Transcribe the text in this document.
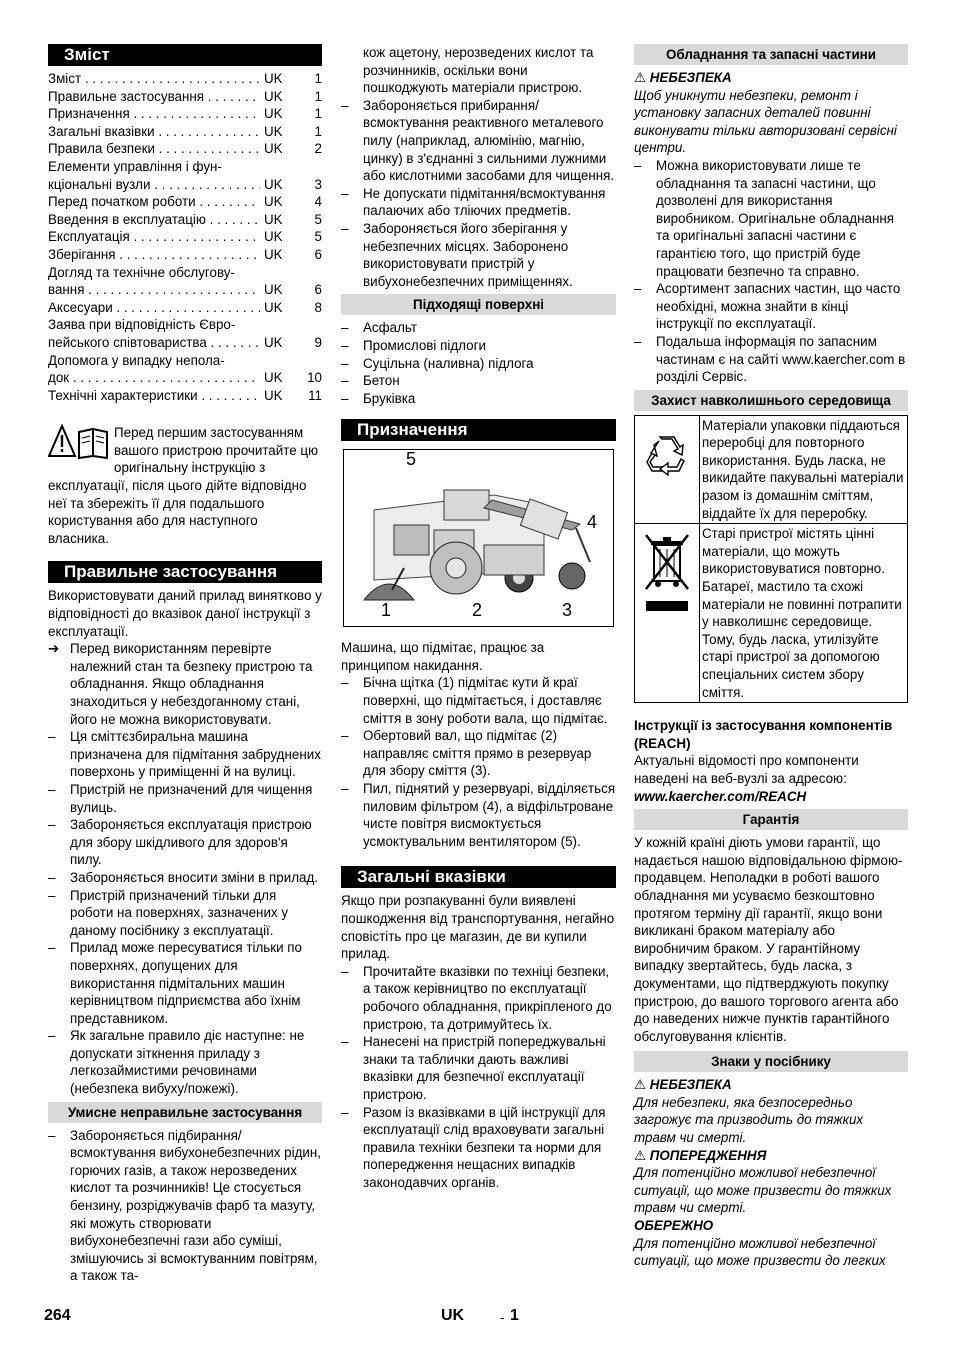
Зміст
Зміст . . .	UK	1
Правильне застосування . . .	UK	1
Призначення . . .	UK	1
Загальні вказівки . . .	UK	1
Правила безпеки . . .	UK	2
Елементи управління і фун-
кціональні вузли . . .	UK	3
Перед початком роботи . . .	UK	4
Введення в експлуатацію . . .	UK	5
Експлуатація . . .	UK	5
Зберігання . . .	UK	6
Догляд та технічне обслугову-
вання . . .	UK	6
Аксесуари . . .	UK	8
Заява при відповідність Євро-
пейського співтовариства . . .	UK	9
Допомога у випадку непола-
док . . .	UK	10
Технічні характеристики . . .	UK	11

Перед першим застосуванням вашого пристрою прочитайте цю оригінальну інструкцію з експлуатації, після цього дійте відповідно неї та збережіть її для подальшого користування або для наступного власника.

Правильне застосування

Використовувати даний прилад винятково у відповідності до вказівок даної інструкції з експлуатації.

➔ Перед використанням перевірте належний стан та безпеку пристрою та обладнання. Якщо обладнання знаходиться у небездоганному стані, його не можна використовувати.
–	Ця сміттєзбиральна машина призначена для підмітання забруднених поверхонь у приміщенні й на вулиці.
–	Пристрій не призначений для чищення вулиць.
–	Забороняється експлуатація пристрою для збору шкідливого для здоров'я пилу.
–	Забороняється вносити зміни в прилад.
–	Пристрій призначений тільки для роботи на поверхнях, зазначених у даному посібнику з експлуатації.
–	Прилад може пересуватися тільки по поверхнях, допущених для використання підмітальних машин керівництвом підприємства або їхнім представником.
–	Як загальне правило діє наступне: не допускати зіткнення приладу з легкозаймистими речовинами (небезпека вибуху/пожежі).
Умисне неправильне застосування
–	Забороняється підбирання/всмоктування вибухонебезпечних рідин, горючих газів, а також нерозведених кислот та розчинників! Це стосується бензину, розріджувачів фарб та мазуту, які можуть створювати вибухонебезпечні гази або суміші, змішуючись зі всмоктуванним повітрям, а також та-
кож ацетону, нерозведених кислот та розчинників, оскільки вони пошкоджують матеріали пристрою.
–	Забороняється прибирання/всмоктування реактивного металевого пилу (наприклад, алюмінію, магнію, цинку) в з'єднанні з сильними лужними або кислотними засобами для чищення.
–	Не допускати підмітання/всмоктування палаючих або тліючих предметів.
–	Забороняється його зберігання у небезпечних місцях. Заборонено використовувати пристрій у вибухонебезпечних приміщеннях.
Підходящі поверхні
–	Асфальт
–	Промислові підлоги
–	Суцільна (наливна) підлога
–	Бетон
–	Бруківка
Призначення
5
4
1	2	3

Машина, що підмітає, працює за принципом накидання.

–	Бічна щітка (1) підмітає кути й краї поверхні, що підмітається, і доставляє сміття в зону роботи вала, що підмітає.
–	Обертовий вал, що підмітає (2) направляє сміття прямо в резервуар для збору сміття (3).
–	Пил, піднятий у резервуарі, відділяється пиловим фільтром (4), а відфільтроване чисте повітря висмоктується усмоктувальним вентилятором (5).
Загальні вказівки

Якщо при розпакуванні були виявлені пошкодження від транспортування, негайно сповістіть про це магазин, де ви купили прилад.

–	Прочитайте вказівки по техніці безпеки, а також керівництво по експлуатації робочого обладнання, прикріпленого до пристрою, та дотримуйтесь їх.
–	Нанесені на пристрій попереджувальні знаки та таблички дають важливі вказівки для безпечної експлуатації пристрою.
–	Разом із вказівками в цій інструкції для експлуатації слід враховувати загальні правила техніки безпеки та норми для попередження нещасних випадків законодавчих органів.
Обладнання та запасні частини
⚠ НЕБЕЗПЕКА

Щоб уникнути небезпеки, ремонт і установку запасних деталей повинні виконувати тільки авторизовані сервісні центри.

–	Можна використовувати лише те обладнання та запасні частини, що дозволені для використання виробником. Оригінальне обладнання та оригінальні запасні частини є гарантією того, що пристрій буде працювати безпечно та справно.
–	Асортимент запасних частин, що часто необхідні, можна знайти в кінці інструкції по експлуатації.
–	Подальша інформація по запасним частинам є на сайті www.kaercher.com в розділі Сервіс.
Захист навколишнього середовища
	Матеріали упаковки піддаються переробці для повторного використання. Будь ласка, не викидайте пакувальні матеріали разом із домашнім сміттям, віддайте їх для переробку.
	Старі пристрої містять цінні матеріали, що можуть використовуватися повторно. Батареї, мастило та схожі матеріали не повинні потрапити у навколишнє середовище. Тому, будь ласка, утилізуйте старі пристрої за допомогою спеціальних систем збору сміття.

Інструкції із застосування компонентів (REACH)

Актуальні відомості про компоненти наведені на веб-вузлі за адресою:

www.kaercher.com/REACH

Гарантія

У кожній країні діють умови гарантії, що надається нашою відповідальною фірмою-продавцем. Неполадки в роботі вашого обладнання ми усуваємо безкоштовно протягом терміну дії гарантії, якщо вони викликані браком матеріалу або виробничим браком. У гарантійному випадку звертайтесь, будь ласка, з документами, що підтверджують покупку пристрою, до вашого торгового агента або до наведених нижче пунктів гарантійного обслуговування клієнтів.

Знаки у посібнику
⚠ НЕБЕЗПЕКА

Для небезпеки, яка безпосередньо загрожує та призводить до тяжких травм чи смерті.

⚠ ПОПЕРЕДЖЕННЯ

Для потенційно можливої небезпечної ситуації, що може призвести до тяжких травм чи смерті.

ОБЕРЕЖНО

Для потенційно можливої небезпечної ситуації, що може призвести до легких

264	UK	- 1
